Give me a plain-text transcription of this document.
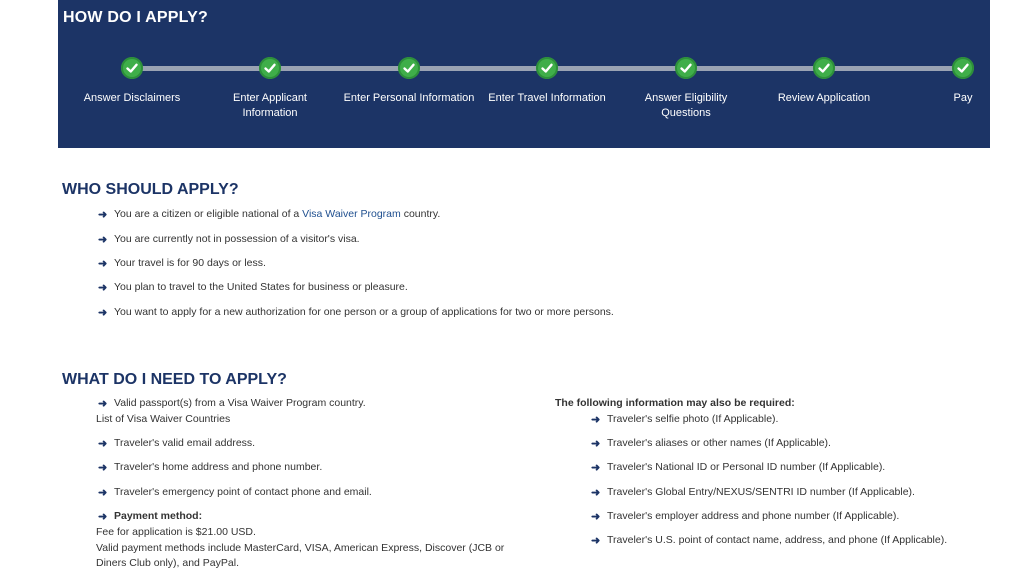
HOW DO I APPLY?
Answer Disclaimers	Enter Applicant Information
Enter Personal Information	Enter Travel Information	Answer Eligibility Questions
Review Application	Pay
WHO SHOULD APPLY?
➜ You are a citizen or eligible national of a Visa Waiver Program country.
➜ You are currently not in possession of a visitor's visa.
➜ Your travel is for 90 days or less.
➜ You plan to travel to the United States for business or pleasure.
➜ You want to apply for a new authorization for one person or a group of applications for two or more persons.
WHAT DO I NEED TO APPLY?
➜ Valid passport(s) from a Visa Waiver Program country.
List of Visa Waiver Countries
➜ Traveler's valid email address.
➜ Traveler's home address and phone number.
➜ Traveler's emergency point of contact phone and email.
➜ Payment method:
Fee for application is $21.00 USD.
Valid payment methods include MasterCard, VISA, American Express, Discover (JCB or
Diners Club only), and PayPal.
The following information may also be required:
➜ Traveler's selfie photo (If Applicable).
➜ Traveler's aliases or other names (If Applicable).
➜ Traveler's National ID or Personal ID number (If Applicable).
➜ Traveler's Global Entry/NEXUS/SENTRI ID number (If Applicable).
➜ Traveler's employer address and phone number (If Applicable).
➜ Traveler's U.S. point of contact name, address, and phone (If Applicable).
